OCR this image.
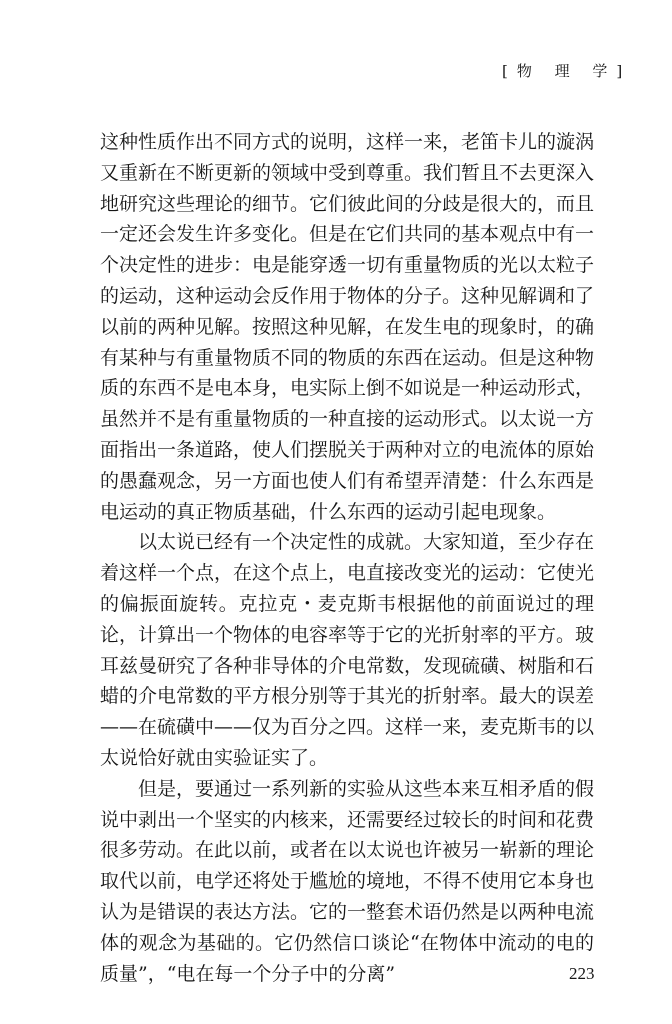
[物 理 学]

这种性质作出不同方式的说明，这样一来，老笛卡儿的漩涡又重新在不断更新的领域中受到尊重。我们暂且不去更深入地研究这些理论的细节。它们彼此间的分歧是很大的，而且一定还会发生许多变化。但是在它们共同的基本观点中有一个决定性的进步：电是能穿透一切有重量物质的光以太粒子的运动，这种运动会反作用于物体的分子。这种见解调和了以前的两种见解。按照这种见解，在发生电的现象时，的确有某种与有重量物质不同的物质的东西在运动。但是这种物质的东西不是电本身，电实际上倒不如说是一种运动形式，虽然并不是有重量物质的一种直接的运动形式。以太说一方面指出一条道路，使人们摆脱关于两种对立的电流体的原始的愚蠢观念，另一方面也使人们有希望弄清楚：什么东西是电运动的真正物质基础，什么东西的运动引起电现象。

以太说已经有一个决定性的成就。大家知道，至少存在着这样一个点，在这个点上，电直接改变光的运动：它使光的偏振面旋转。克拉克・麦克斯韦根据他的前面说过的理论，计算出一个物体的电容率等于它的光折射率的平方。玻耳兹曼研究了各种非导体的介电常数，发现硫磺、树脂和石蜡的介电常数的平方根分别等于其光的折射率。最大的误差——在硫磺中——仅为百分之四。这样一来，麦克斯韦的以太说恰好就由实验证实了。

但是，要通过一系列新的实验从这些本来互相矛盾的假说中剥出一个坚实的内核来，还需要经过较长的时间和花费很多劳动。在此以前，或者在以太说也许被另一崭新的理论取代以前，电学还将处于尴尬的境地，不得不使用它本身也认为是错误的表达方法。它的一整套术语仍然是以两种电流体的观念为基础的。它仍然信口谈论“在物体中流动的电的质量”，“电在每一个分子中的分离”	223
